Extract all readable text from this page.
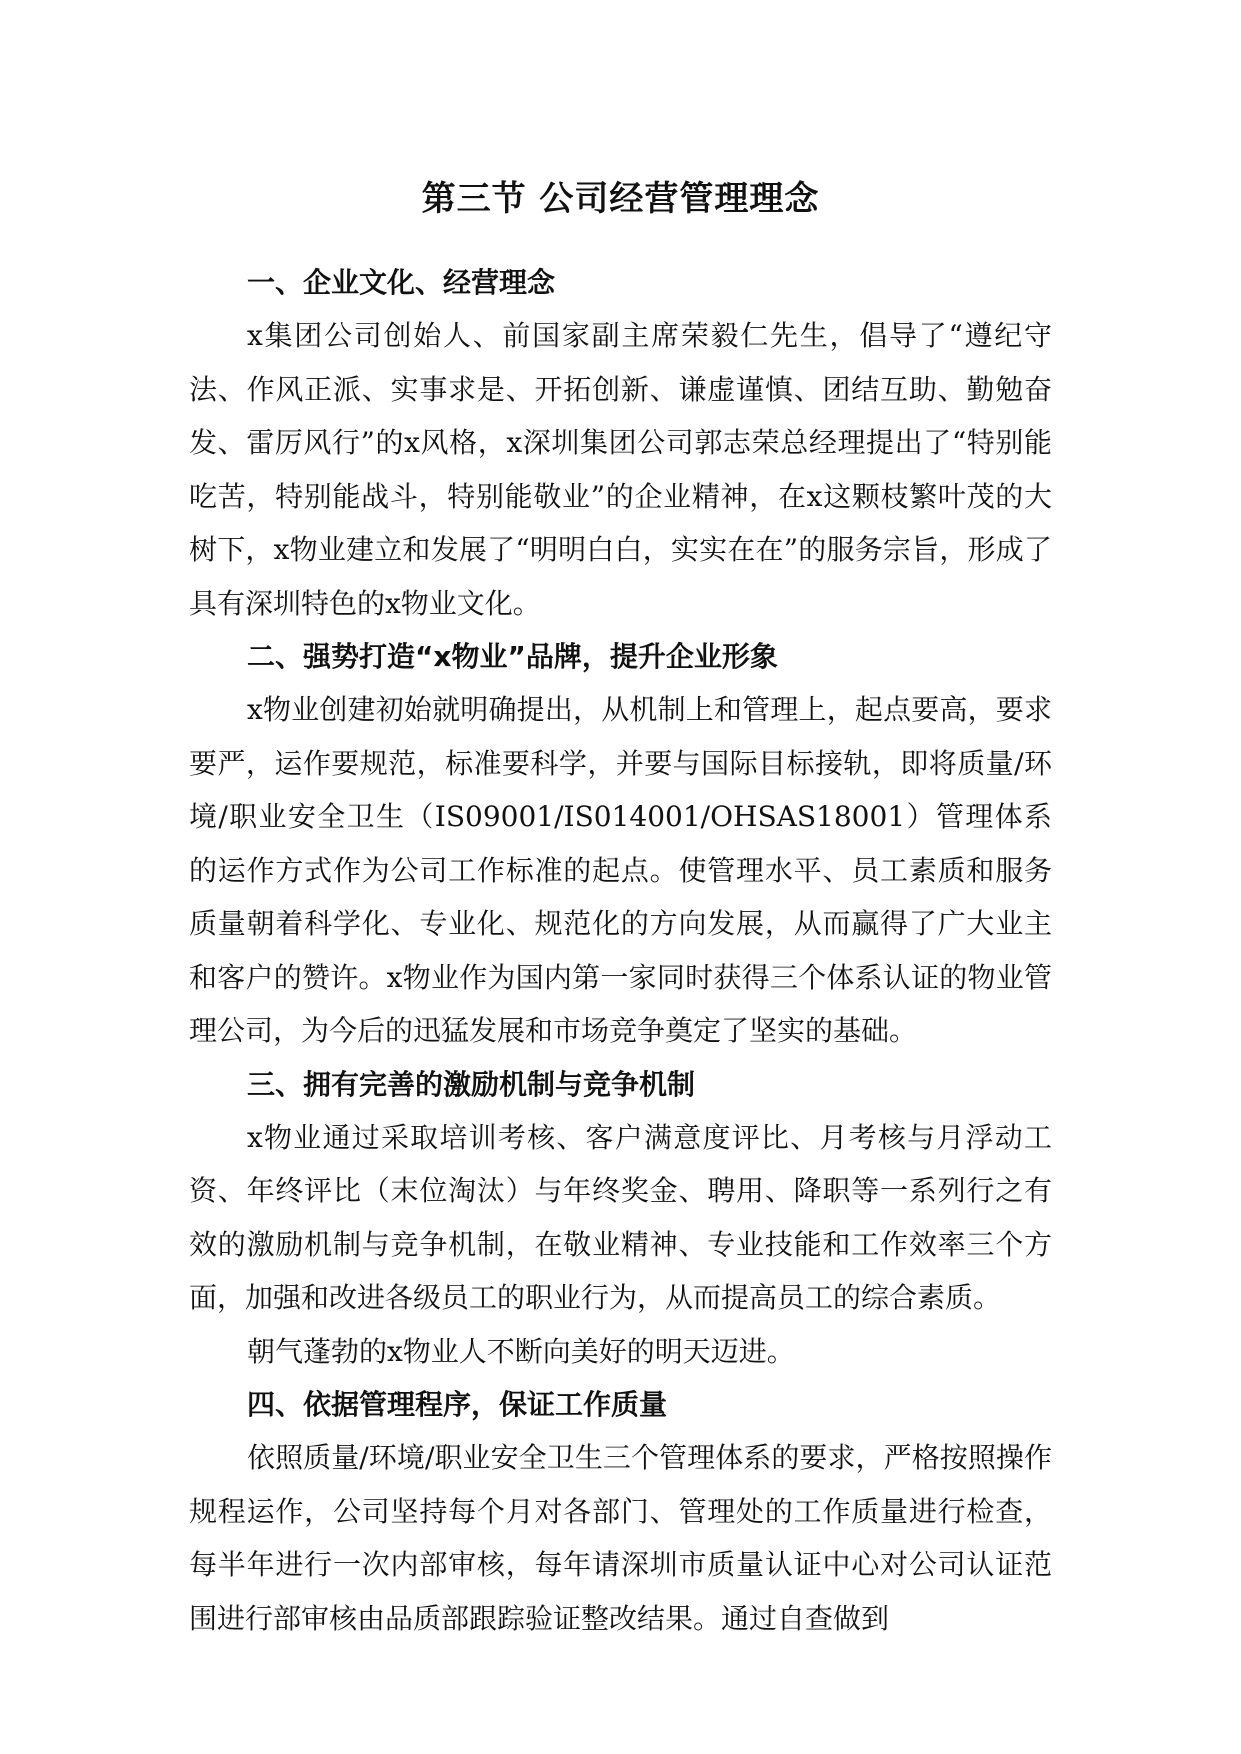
第三节 公司经营管理理念

一、企业文化、经营理念

x集团公司创始人、前国家副主席荣毅仁先生，倡导了“遵纪守法、作风正派、实事求是、开拓创新、谦虚谨慎、团结互助、勤勉奋发、雷厉风行”的x风格，x深圳集团公司郭志荣总经理提出了“特别能吃苦，特别能战斗，特别能敬业”的企业精神，在x这颗枝繁叶茂的大树下，x物业建立和发展了“明明白白，实实在在”的服务宗旨，形成了具有深圳特色的x物业文化。

二、强势打造“x物业”品牌，提升企业形象

x物业创建初始就明确提出，从机制上和管理上，起点要高，要求要严，运作要规范，标准要科学，并要与国际目标接轨，即将质量/环境/职业安全卫生（IS09001/IS014001/OHSAS18001）管理体系的运作方式作为公司工作标准的起点。使管理水平、员工素质和服务质量朝着科学化、专业化、规范化的方向发展，从而赢得了广大业主和客户的赞许。x物业作为国内第一家同时获得三个体系认证的物业管理公司，为今后的迅猛发展和市场竞争奠定了坚实的基础。

三、拥有完善的激励机制与竞争机制

x物业通过采取培训考核、客户满意度评比、月考核与月浮动工资、年终评比（末位淘汰）与年终奖金、聘用、降职等一系列行之有效的激励机制与竞争机制，在敬业精神、专业技能和工作效率三个方面，加强和改进各级员工的职业行为，从而提高员工的综合素质。

朝气蓬勃的x物业人不断向美好的明天迈进。

四、依据管理程序，保证工作质量

依照质量/环境/职业安全卫生三个管理体系的要求，严格按照操作规程运作，公司坚持每个月对各部门、管理处的工作质量进行检查，每半年进行一次内部审核，每年请深圳市质量认证中心对公司认证范围进行部审核由品质部跟踪验证整改结果。通过自查做到
